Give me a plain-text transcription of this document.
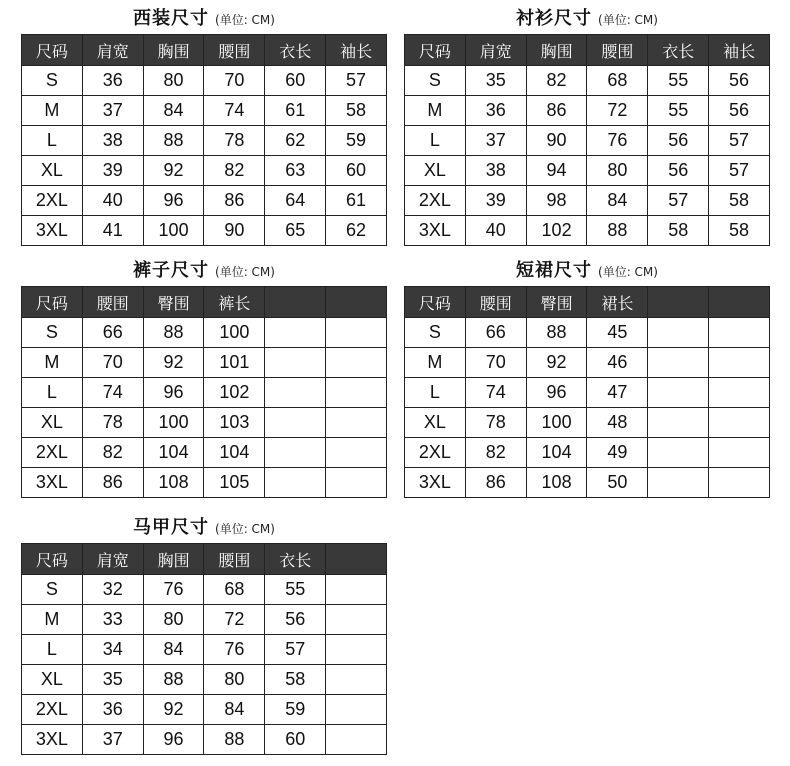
西装尺寸 (单位: CM)
尺码	肩宽	胸围	腰围	衣长	袖长
S	36	80	70	60	57
M	37	84	74	61	58
L	38	88	78	62	59
XL	39	92	82	63	60
2XL	40	96	86	64	61
3XL	41	100	90	65	62
衬衫尺寸 (单位: CM)
尺码	肩宽	胸围	腰围	衣长	袖长
S	35	82	68	55	56
M	36	86	72	55	56
L	37	90	76	56	57
XL	38	94	80	56	57
2XL	39	98	84	57	58
3XL	40	102	88	58	58
裤子尺寸 (单位: CM)
尺码	腰围	臀围	裤长		
S	66	88	100		
M	70	92	101		
L	74	96	102		
XL	78	100	103		
2XL	82	104	104		
3XL	86	108	105		
短裙尺寸 (单位: CM)
尺码	腰围	臀围	裙长		
S	66	88	45		
M	70	92	46		
L	74	96	47		
XL	78	100	48		
2XL	82	104	49		
3XL	86	108	50		
马甲尺寸 (单位: CM)
尺码	肩宽	胸围	腰围	衣长	
S	32	76	68	55	
M	33	80	72	56	
L	34	84	76	57	
XL	35	88	80	58	
2XL	36	92	84	59	
3XL	37	96	88	60	
